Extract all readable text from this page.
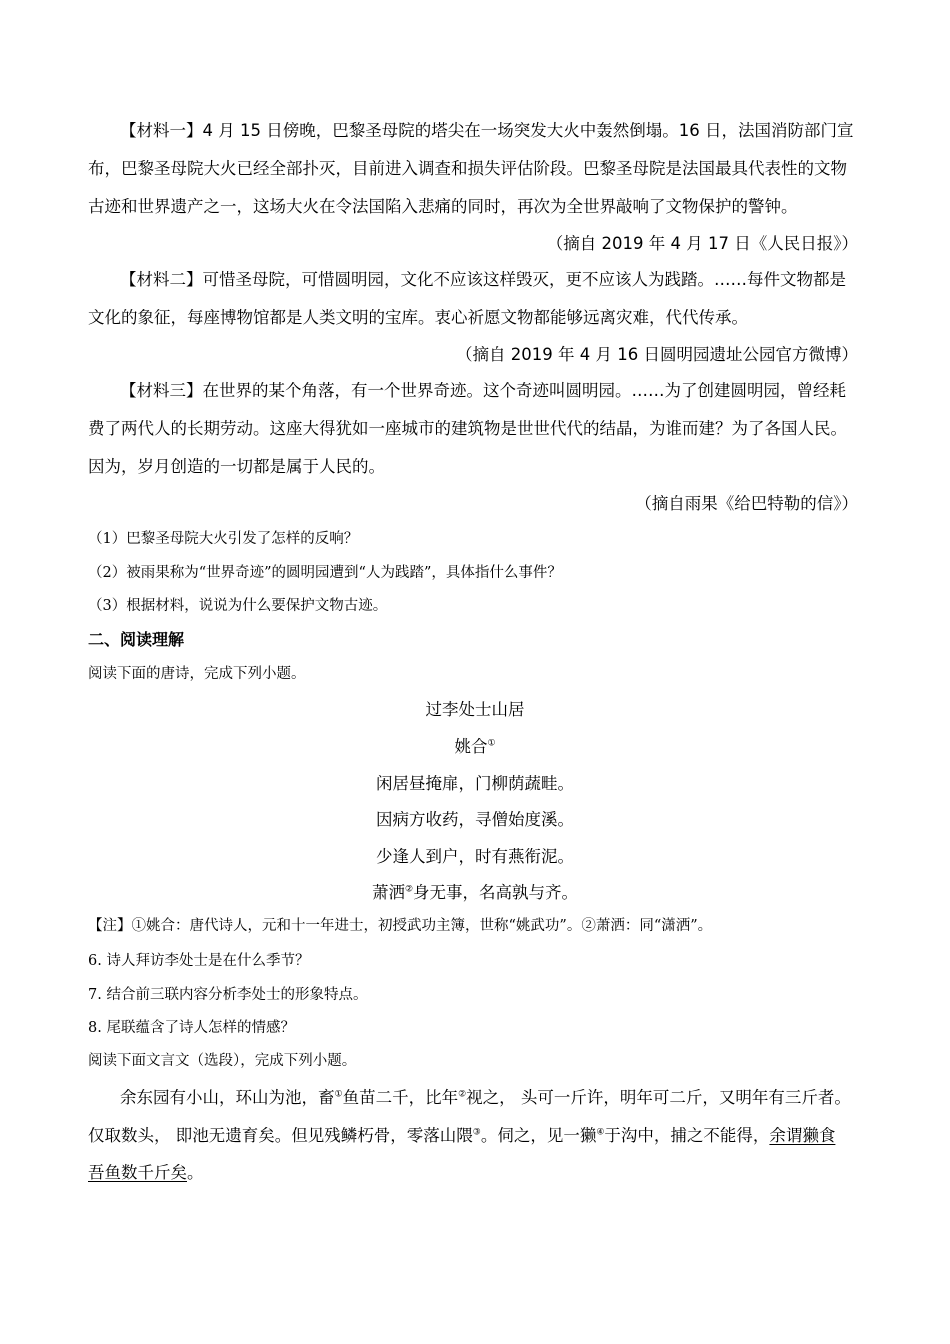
【材料一】4 月 15 日傍晚，巴黎圣母院的塔尖在一场突发大火中轰然倒塌。16 日，法国消防部门宣
布，巴黎圣母院大火已经全部扑灭，目前进入调查和损失评估阶段。巴黎圣母院是法国最具代表性的文物
古迹和世界遗产之一，这场大火在令法国陷入悲痛的同时，再次为全世界敲响了文物保护的警钟。
（摘自 2019 年 4 月 17 日《人民日报》）
【材料二】可惜圣母院，可惜圆明园，文化不应该这样毁灭，更不应该人为践踏。……每件文物都是
文化的象征，每座博物馆都是人类文明的宝库。衷心祈愿文物都能够远离灾难，代代传承。
（摘自 2019 年 4 月 16 日圆明园遗址公园官方微博）
【材料三】在世界的某个角落，有一个世界奇迹。这个奇迹叫圆明园。……为了创建圆明园，曾经耗
费了两代人的长期劳动。这座大得犹如一座城市的建筑物是世世代代的结晶，为谁而建？为了各国人民。
因为，岁月创造的一切都是属于人民的。
（摘自雨果《给巴特勒的信》）
（1）巴黎圣母院大火引发了怎样的反响？
（2）被雨果称为“世界奇迹”的圆明园遭到“人为践踏”，具体指什么事件？
（3）根据材料，说说为什么要保护文物古迹。
二、阅读理解
阅读下面的唐诗，完成下列小题。
过李处士山居
姚合①
闲居昼掩扉，门柳荫蔬畦。
因病方收药，寻僧始度溪。
少逢人到户，时有燕衔泥。
萧洒②身无事，名高孰与齐。
【注】①姚合：唐代诗人，元和十一年进士，初授武功主簿，世称“姚武功”。②萧洒：同“潇洒”。
6. 诗人拜访李处士是在什么季节？
7. 结合前三联内容分析李处士的形象特点。
8. 尾联蕴含了诗人怎样的情感？
阅读下面文言文（选段），完成下列小题。
余东园有小山，环山为池，畜①鱼苗二千，比年②视之， 头可一斤许，明年可二斤，又明年有三斤者。
仅取数头， 即池无遗育矣。但见残鳞朽骨，零落山隈③。伺之，见一獭④于沟中，捕之不能得，余谓獭食
吾鱼数千斤矣。
